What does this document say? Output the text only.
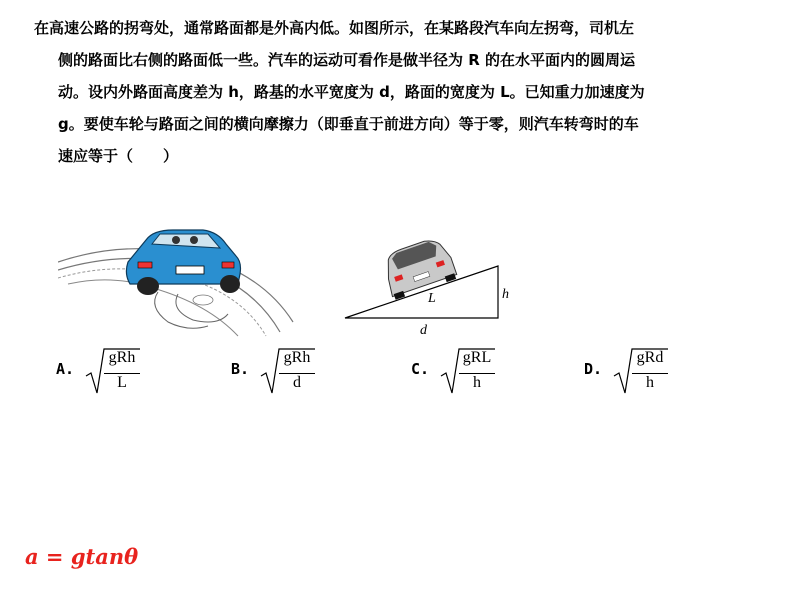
在高速公路的拐弯处，通常路面都是外高内低。如图所示，在某路段汽车向左拐弯，司机左
侧的路面比右侧的路面低一些。汽车的运动可看作是做半径为 R 的在水平面内的圆周运
动。设内外路面高度差为 h，路基的水平宽度为 d，路面的宽度为 L。已知重力加速度为
g。要使车轮与路面之间的横向摩擦力（即垂直于前进方向）等于零，则汽车转弯时的车
速应等于（　　）
L	h
d
A.
gRh
L
B.
gRh
d
C.
gRL
h
D.
gRd
h
a = gtanθ
